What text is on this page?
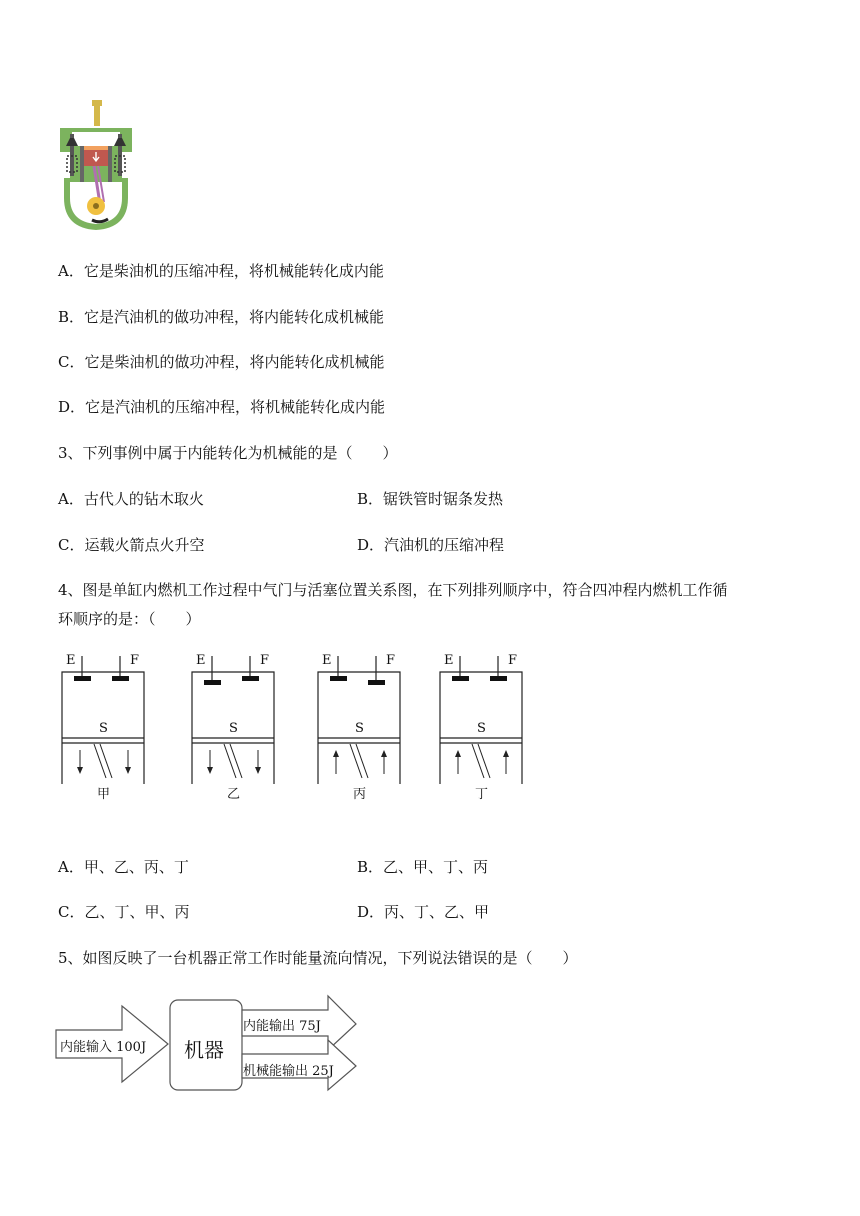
A．它是柴油机的压缩冲程，将机械能转化成内能
B．它是汽油机的做功冲程，将内能转化成机械能
C．它是柴油机的做功冲程，将内能转化成机械能
D．它是汽油机的压缩冲程，将机械能转化成内能
3、下列事例中属于内能转化为机械能的是（　　）
A．古代人的钻木取火	B．锯铁管时锯条发热
C．运载火箭点火升空	D．汽油机的压缩冲程
4、图是单缸内燃机工作过程中气门与活塞位置关系图，在下列排列顺序中，符合四冲程内燃机工作循
环顺序的是：（　　）
E	F
S
甲
E	F
S
乙
E	F
S
丙
E	F
S
丁
A．甲、乙、丙、丁	B．乙、甲、丁、丙
C．乙、丁、甲、丙	D．丙、丁、乙、甲
5、如图反映了一台机器正常工作时能量流向情况，下列说法错误的是（　　）
内能输入 100J 机器
内能输出 75J
机械能输出 25J
